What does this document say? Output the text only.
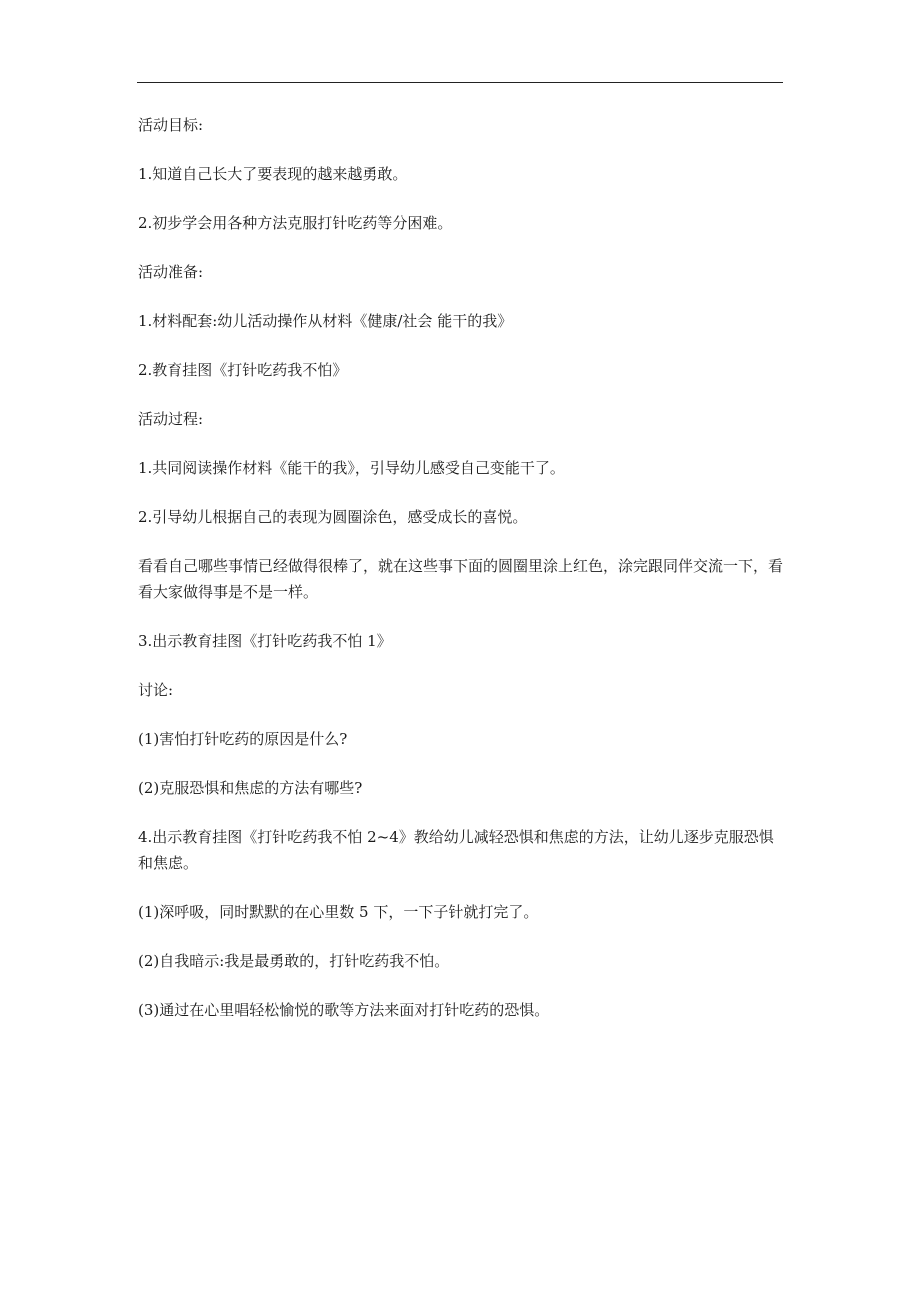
活动目标:

1.知道自己长大了要表现的越来越勇敢。

2.初步学会用各种方法克服打针吃药等分困难。

活动准备:

1.材料配套:幼儿活动操作从材料《健康/社会 能干的我》

2.教育挂图《打针吃药我不怕》

活动过程:

1.共同阅读操作材料《能干的我》，引导幼儿感受自己变能干了。

2.引导幼儿根据自己的表现为圆圈涂色，感受成长的喜悦。

看看自己哪些事情已经做得很棒了，就在这些事下面的圆圈里涂上红色，涂完跟同伴交流一下，看看大家做得事是不是一样。

3.出示教育挂图《打针吃药我不怕 1》

讨论:

(1)害怕打针吃药的原因是什么?

(2)克服恐惧和焦虑的方法有哪些?

4.出示教育挂图《打针吃药我不怕 2~4》教给幼儿减轻恐惧和焦虑的方法，让幼儿逐步克服恐惧和焦虑。

(1)深呼吸，同时默默的在心里数 5 下，一下子针就打完了。

(2)自我暗示:我是最勇敢的，打针吃药我不怕。

(3)通过在心里唱轻松愉悦的歌等方法来面对打针吃药的恐惧。
